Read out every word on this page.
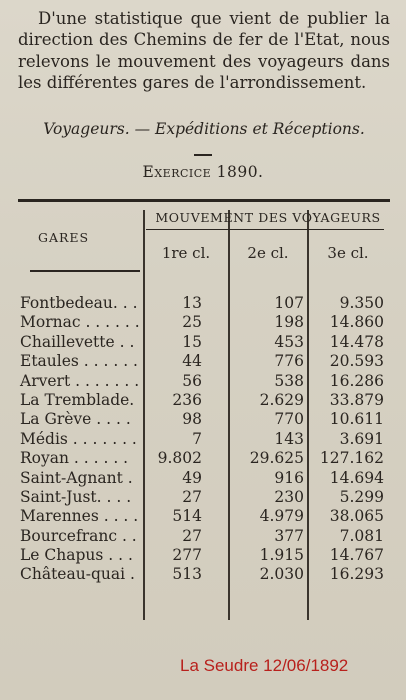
D'une statistique que vient de publier la direction des Chemins de fer de l'Etat, nous relevons le mouvement des voyageurs dans les différentes gares de l'arrondissement.
Voyageurs. — Expéditions et Réceptions.
Exercice 1890.
GARES
MOUVEMENT DES VOYAGEURS
1re cl.	2e cl.	3e cl.
Fontbedeau. . .	13	107	9.350
Mornac . . . . . .	25	198	14.860
Chaillevette . .	15	453	14.478
Etaules . . . . . .	44	776	20.593
Arvert . . . . . . .	56	538	16.286
La Tremblade.	236	2.629	33.879
La Grève . . . .	98	770	10.611
Médis . . . . . . .	7	143	3.691
Royan . . . . . .	9.802	29.625	127.162
Saint-Agnant .	49	916	14.694
Saint-Just. . . .	27	230	5.299
Marennes . . . .	514	4.979	38.065
Bourcefranc . .	27	377	7.081
Le Chapus . . .	277	1.915	14.767
Château-quai .	513	2.030	16.293
La Seudre 12/06/1892
